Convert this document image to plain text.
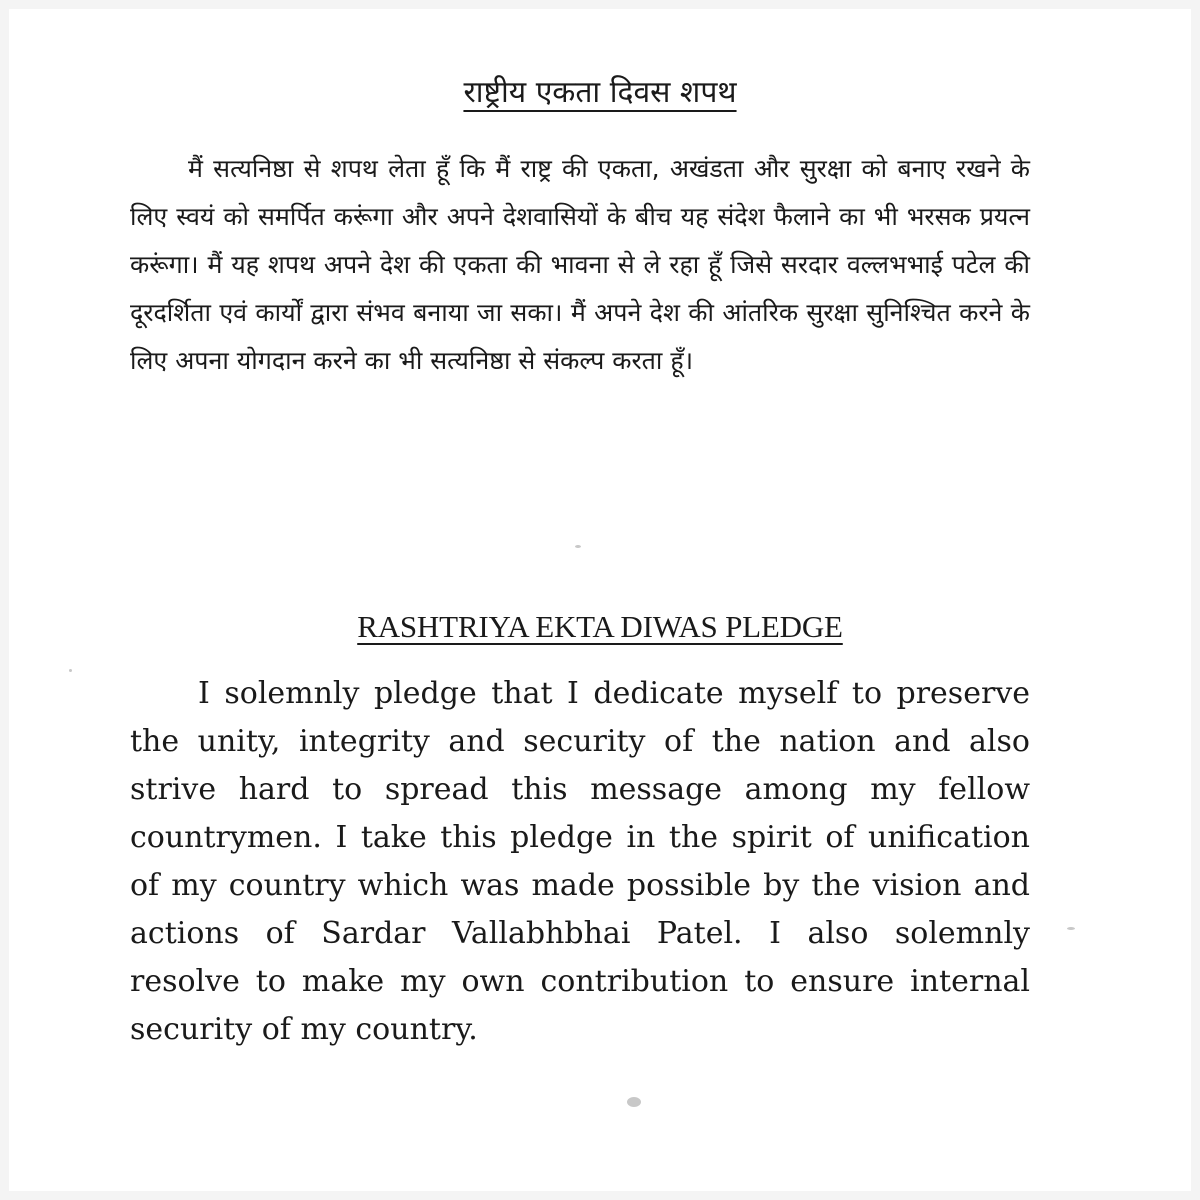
राष्ट्रीय एकता दिवस शपथ

मैं सत्यनिष्ठा से शपथ लेता हूँ कि मैं राष्ट्र की एकता, अखंडता और सुरक्षा को बनाए रखने के लिए स्वयं को समर्पित करूंगा और अपने देशवासियों के बीच यह संदेश फैलाने का भी भरसक प्रयत्न करूंगा। मैं यह शपथ अपने देश की एकता की भावना से ले रहा हूँ जिसे सरदार वल्लभभाई पटेल की दूरदर्शिता एवं कार्यों द्वारा संभव बनाया जा सका। मैं अपने देश की आंतरिक सुरक्षा सुनिश्चित करने के लिए अपना योगदान करने का भी सत्यनिष्ठा से संकल्प करता हूँ।

RASHTRIYA EKTA DIWAS PLEDGE

I solemnly pledge that I dedicate myself to preserve the unity, integrity and security of the nation and also strive hard to spread this message among my fellow countrymen. I take this pledge in the spirit of unification of my country which was made possible by the vision and actions of Sardar Vallabhbhai Patel. I also solemnly resolve to make my own contribution to ensure internal security of my country.
